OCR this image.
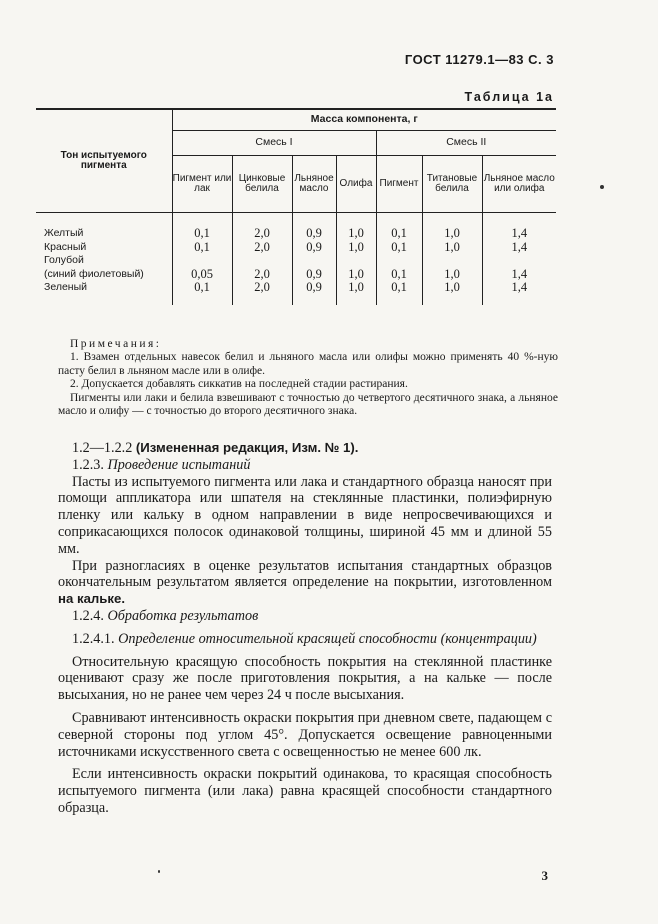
ГОСТ 11279.1—83 С. 3
Таблица 1а
Тон испытуемого пигмента	Масса компонента, г						
	Смесь I				Смесь II		
	Пигмент или лак	Цинковые белила	Льняное масло	Олифа	Пигмент	Титановые белила	Льняное масло или олифа
Желтый	0,1	2,0	0,9	1,0	0,1	1,0	1,4
Красный	0,1	2,0	0,9	1,0	0,1	1,0	1,4
Голубой							
(синий фиолетовый)	0,05	2,0	0,9	1,0	0,1	1,0	1,4
Зеленый	0,1	2,0	0,9	1,0	0,1	1,0	1,4

Примечания:

1. Взамен отдельных навесок белил и льняного масла или олифы можно применять 40 %-ную пасту белил в льняном масле или в олифе.

2. Допускается добавлять сиккатив на последней стадии растирания.

Пигменты или лаки и белила взвешивают с точностью до четвертого десятичного знака, а льняное масло и олифу — с точностью до второго десятичного знака.

1.2—1.2.2 (Измененная редакция, Изм. № 1).

1.2.3. Проведение испытаний

Пасты из испытуемого пигмента или лака и стандартного образца наносят при помощи аппликатора или шпателя на стеклянные пластинки, полиэфирную пленку или кальку в одном направлении в виде непросвечивающихся и соприкасающихся полосок одинаковой толщины, шириной 45 мм и длиной 55 мм.

При разногласиях в оценке результатов испытания стандартных образцов окончательным результатом является определение на покрытии, изготовленном на кальке.

1.2.4. Обработка результатов

1.2.4.1. Определение относительной красящей способности (концентрации)

Относительную красящую способность покрытия на стеклянной пластинке оценивают сразу же после приготовления покрытия, а на кальке — после высыхания, но не ранее чем через 24 ч после высыхания.

Сравнивают интенсивность окраски покрытия при дневном свете, падающем с северной стороны под углом 45°. Допускается освещение равноценными источниками искусственного света с освещенностью не менее 600 лк.

Если интенсивность окраски покрытий одинакова, то красящая способность испытуемого пигмента (или лака) равна красящей способности стандартного образца.

3
